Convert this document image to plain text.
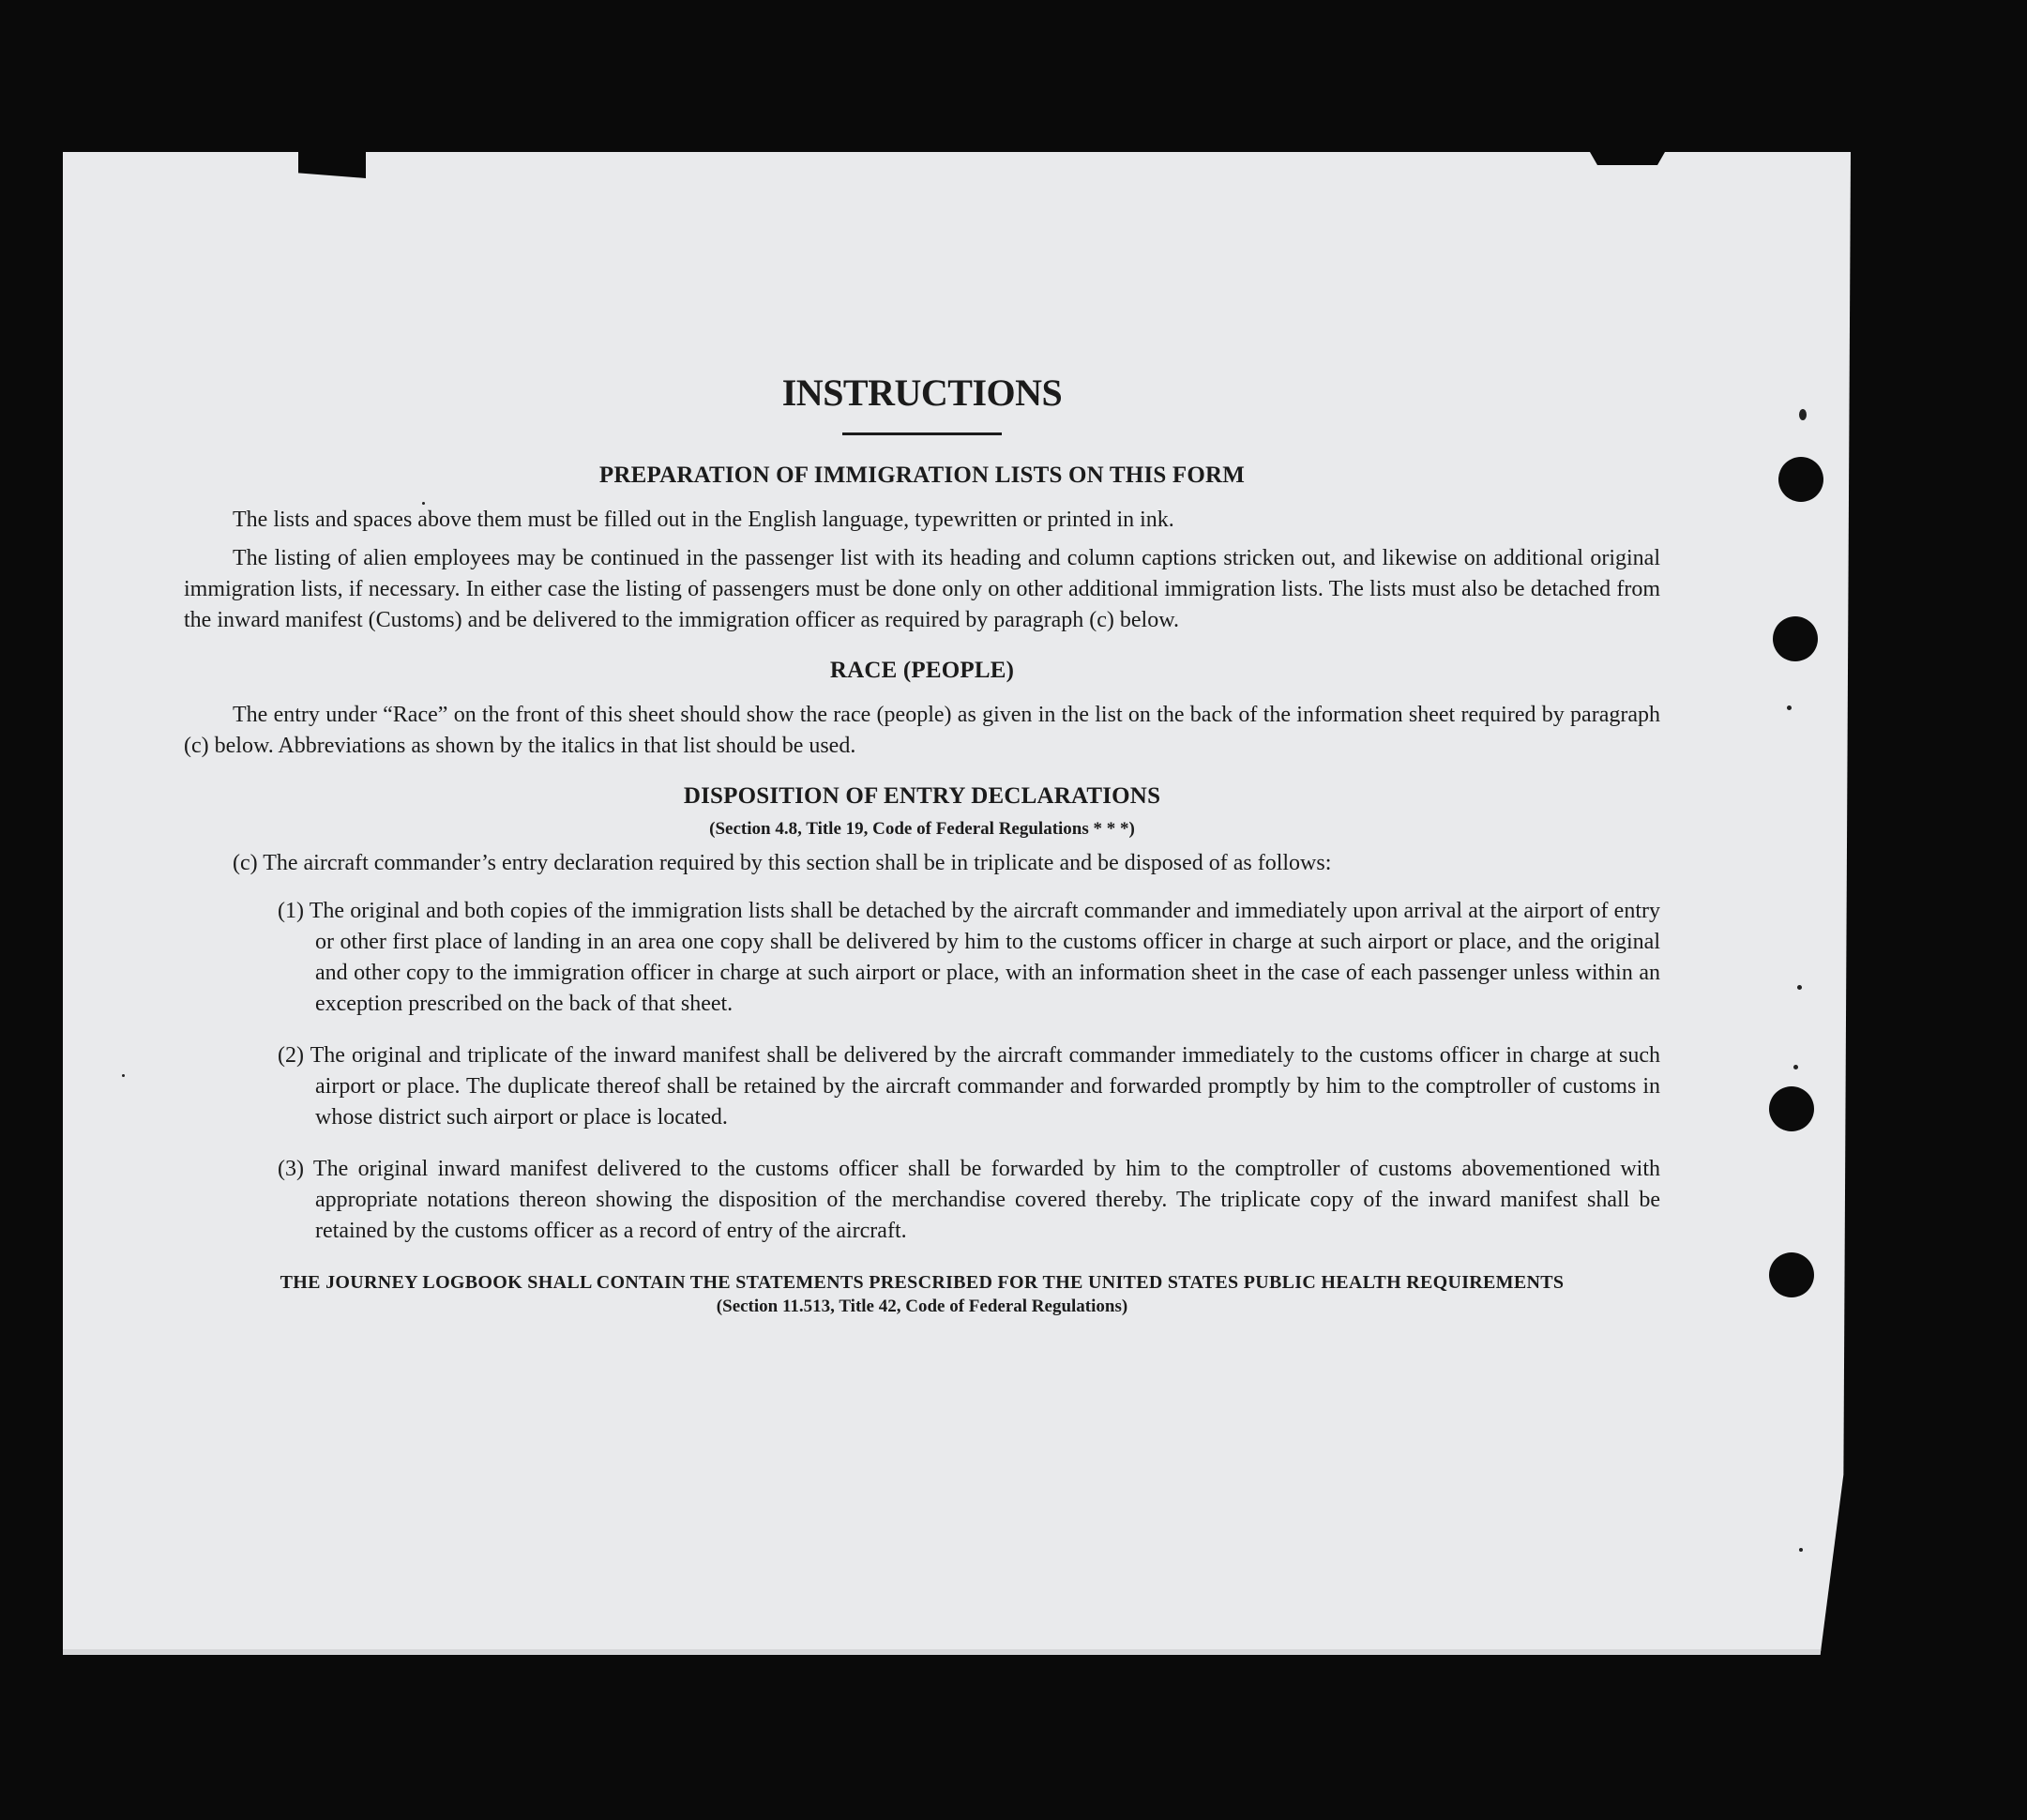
INSTRUCTIONS
PREPARATION OF IMMIGRATION LISTS ON THIS FORM

The lists and spaces above them must be filled out in the English language, typewritten or printed in ink.

The listing of alien employees may be continued in the passenger list with its heading and column captions stricken out, and likewise on additional original immigration lists, if necessary. In either case the listing of passengers must be done only on other additional immigration lists. The lists must also be detached from the inward manifest (Customs) and be delivered to the immigration officer as required by paragraph (c) below.

RACE (PEOPLE)

The entry under “Race” on the front of this sheet should show the race (people) as given in the list on the back of the information sheet required by paragraph (c) below. Abbreviations as shown by the italics in that list should be used.

DISPOSITION OF ENTRY DECLARATIONS

(Section 4.8, Title 19, Code of Federal Regulations * * *)

(c) The aircraft commander’s entry declaration required by this section shall be in triplicate and be disposed of as follows:

(1) The original and both copies of the immigration lists shall be detached by the aircraft commander and immediately upon arrival at the airport of entry or other first place of landing in an area one copy shall be delivered by him to the customs officer in charge at such airport or place, and the original and other copy to the immigration officer in charge at such airport or place, with an information sheet in the case of each passenger unless within an exception prescribed on the back of that sheet.

(2) The original and triplicate of the inward manifest shall be delivered by the aircraft commander immediately to the customs officer in charge at such airport or place. The duplicate thereof shall be retained by the aircraft commander and forwarded promptly by him to the comptroller of customs in whose district such airport or place is located.

(3) The original inward manifest delivered to the customs officer shall be forwarded by him to the comptroller of customs abovementioned with appropriate notations thereon showing the disposition of the merchandise covered thereby. The triplicate copy of the inward manifest shall be retained by the customs officer as a record of entry of the aircraft.

THE JOURNEY LOGBOOK SHALL CONTAIN THE STATEMENTS PRESCRIBED FOR THE UNITED STATES PUBLIC HEALTH REQUIREMENTS
(Section 11.513, Title 42, Code of Federal Regulations)
